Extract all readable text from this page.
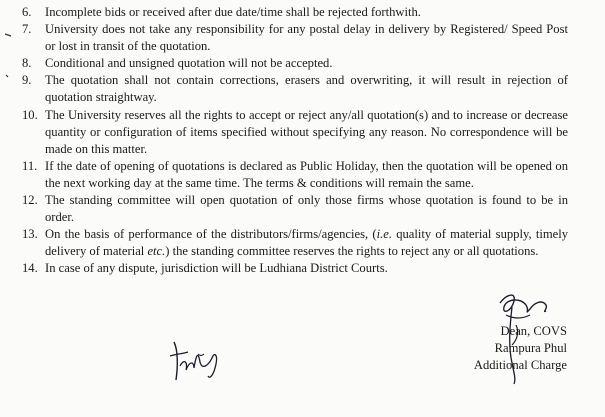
6. Incomplete bids or received after due date/time shall be rejected forthwith.
7. University does not take any responsibility for any postal delay in delivery by Registered/ Speed Post or lost in transit of the quotation.
8. Conditional and unsigned quotation will not be accepted.
9. The quotation shall not contain corrections, erasers and overwriting, it will result in rejection of quotation straightway.
10. The University reserves all the rights to accept or reject any/all quotation(s) and to increase or decrease quantity or configuration of items specified without specifying any reason. No correspondence will be made on this matter.
11. If the date of opening of quotations is declared as Public Holiday, then the quotation will be opened on the next working day at the same time. The terms & conditions will remain the same.
12. The standing committee will open quotation of only those firms whose quotation is found to be in order.
13. On the basis of performance of the distributors/firms/agencies, (i.e. quality of material supply, timely delivery of material etc.) the standing committee reserves the rights to reject any or all quotations.
14. In case of any dispute, jurisdiction will be Ludhiana District Courts.
Dean, COVS
Rampura Phul
Additional Charge
